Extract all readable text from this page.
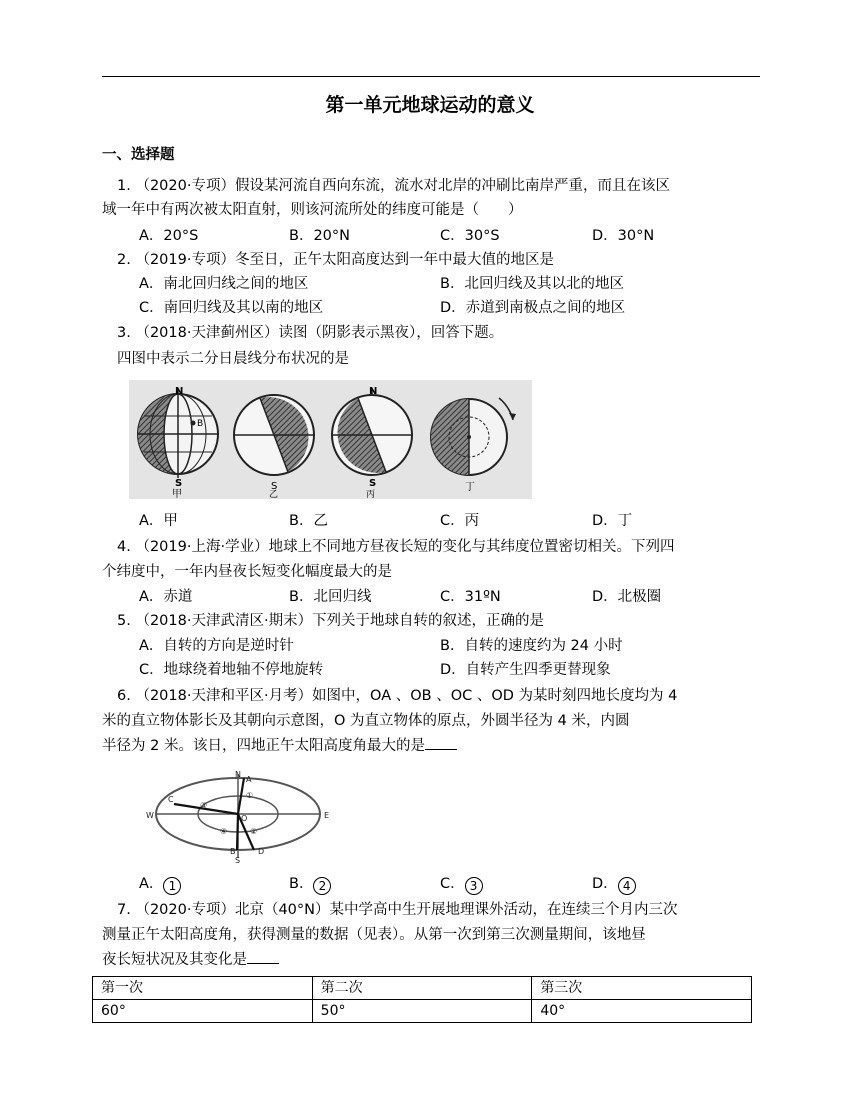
第一单元地球运动的意义
一、选择题
1. （2020·专项）假设某河流自西向东流，流水对北岸的冲刷比南岸严重，而且在该区
域一年中有两次被太阳直射，则该河流所处的纬度可能是（　　）
A．20°S	B．20°N	C．30°S	D．30°N
2. （2019·专项）冬至日，正午太阳高度达到一年中最大值的地区是
A．南北回归线之间的地区	B．北回归线及其以北的地区
C．南回归线及其以南的地区	D．赤道到南极点之间的地区
3. （2018·天津蓟州区）读图（阴影表示黑夜），回答下题。
四图中表示二分日晨线分布状况的是
N
B
S
甲
S
乙
N
S
丙
丁
A．甲	B．乙	C．丙	D．丁
4. （2019·上海·学业）地球上不同地方昼夜长短的变化与其纬度位置密切相关。下列四
个纬度中，一年内昼夜长短变化幅度最大的是
A．赤道	B．北回归线	C．31ºN	D．北极圈
5. （2018·天津武清区·期末）下列关于地球自转的叙述，正确的是
A．自转的方向是逆时针	B．自转的速度约为 24 小时
C．地球绕着地轴不停地旋转	D．自转产生四季更替现象
6. （2018·天津和平区·月考）如图中，OA 、OB 、OC 、OD 为某时刻四地长度均为 4
米的直立物体影长及其朝向示意图，O 为直立物体的原点，外圆半径为 4 米，内圆
半径为 2 米。该日，四地正午太阳高度角最大的是
N
A
W	E
C
O
B	D
S
③
①
②
④
A． 1	B． 2	C． 3	D． 4
7. （2020·专项）北京（40°N）某中学高中生开展地理课外活动，在连续三个月内三次
测量正午太阳高度角，获得测量的数据（见表）。从第一次到第三次测量期间，该地昼
夜长短状况及其变化是
第一次	第二次	第三次
60°	50°	40°
